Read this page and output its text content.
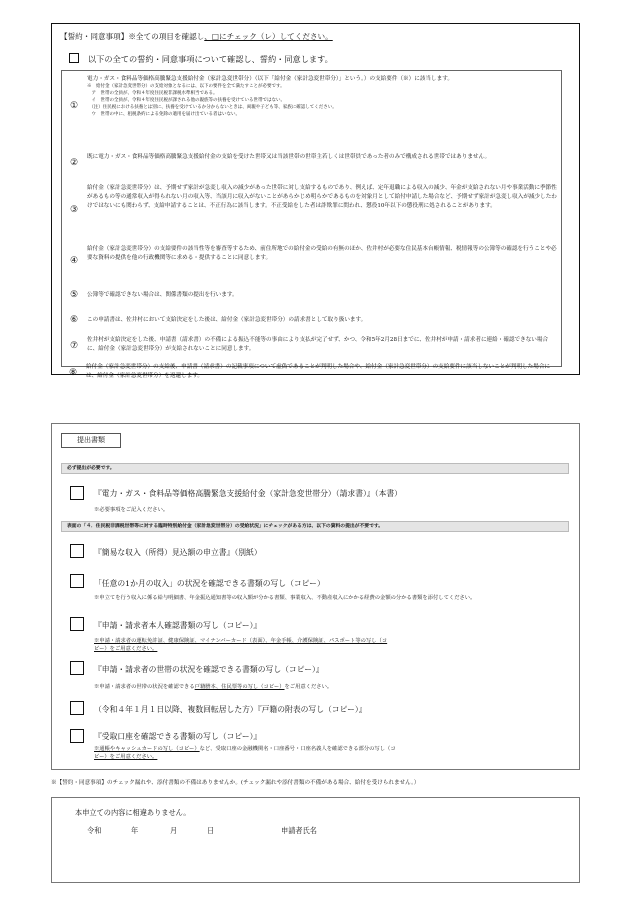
【誓約・同意事項】※全ての項目を確認し、□にチェック（レ）してください。
以下の全ての誓約・同意事項について確認し、誓約・同意します。
①
電力・ガス・食料品等価格高騰緊急支援給付金（家計急変世帯分）（以下「給付金（家計急変世帯分）」という。）の支給要件（※）に該当します。
※　給付金（家計急変世帯分）の支給対象となるには、以下の要件を全て満たすことが必要です。
　ア　世帯の全員が、令和４年度住民税非課税水準相当である。
　イ　世帯の全員が、令和４年度住民税が課される他の親族等の扶養を受けている世帯ではない。
　（注）住民税における扶養とは別に、扶養を受けているか分からないときは、両親や子ども等、家族に確認してください。
　ウ　世帯の中に、租税条約による免除の適用を届け出ている者はいない。
②
既に電力・ガス・食料品等価格高騰緊急支援給付金の支給を受けた世帯又は当該世帯の世帯主若しくは世帯員であった者のみで構成される世帯ではありません。
③
給付金（家計急変世帯分）は、予期せず家計が急変し収入の減少があった世帯に対し支給するものであり、例えば、定年退職による収入の減少、年金が支給されない月や事業活動に季節性があるもの等の通常収入が得られない月の収入等、当該月に収入がないことがあらかじめ明らかであるものを対象月として給付申請した場合など、予期せず家計が急変し収入が減少したわけではないにも関わらず、支給申請することは、不正行為に該当します。不正受給をした者は詐欺罪に問われ、懲役10年以下の懲役刑に処されることがあります。
④
給付金（家計急変世帯分）の支給要件の該当性等を審査等するため、前住所地での給付金の受給の有無のほか、佐井村が必要な住民基本台帳情報、税情報等の公簿等の確認を行うことや必要な資料の提供を他の行政機関等に求める・提供することに同意します。
⑤	公簿等で確認できない場合は、関係書類の提出を行います。
⑥	この申請書は、佐井村において支給決定をした後は、給付金（家計急変世帯分）の請求書として取り扱います。
⑦
佐井村が支給決定をした後、申請書（請求書）の不備による振込不能等の事由により支払が完了せず、かつ、令和5年2月28日までに、佐井村が申請・請求者に連絡・確認できない場合に、給付金（家計急変世帯分）が支給されないことに同意します。
⑧
給付金（家計急変世帯分）の支給後、申請書（請求書）の記載事項について虚偽であることが判明した場合や、給付金（家計急変世帯分）の支給要件に該当しないことが判明した場合には、給付金（家計急変世帯分）を返還します。
提出書類
必ず提出が必要です。
『電力・ガス・食料品等価格高騰緊急支援給付金（家計急変世帯分）（請求書）』（本書）
※必要事項をご記入ください。
表面の「４．住民税非課税世帯等に対する臨時特別給付金（家計急変世帯分）の受給状況」にチェックがある方は、以下の資料の提出が不要です。
『簡易な収入（所得）見込額の申立書』（別紙）
「任意の1か月の収入」の状況を確認できる書類の写し（コピー）
※申立てを行う収入に係る給与明細書、年金振込通知書等の収入額が分かる書類、事業収入、不動産収入にかかる経費の金額の分かる書類を添付してください。
『申請・請求者本人確認書類の写し（コピー）』
※申請・請求者の運転免許証、健康保険証、マイナンバーカード（表面）、年金手帳、介護保険証、パスポート等の写し（コ
ピー）をご用意ください。
『申請・請求者の世帯の状況を確認できる書類の写し（コピー）』
※申請・請求者の世帯の状況を確認できる戸籍謄本、住民票等の写し（コピー）をご用意ください。
（令和４年１月１日以降、複数回転居した方）『戸籍の附表の写し（コピー）』
『受取口座を確認できる書類の写し（コピー）』
※通帳やキャッシュカードの写し（コピー）など、受取口座の金融機関名・口座番号・口座名義人を確認できる部分の写し（コ
ピー）をご用意ください。
※【誓約・同意事項】のチェック漏れや、添付書類の不備はありませんか。(チェック漏れや添付書類の不備がある場合、給付を受けられません。）
本申立ての内容に相違ありません。
令和	年	月	日	申請者氏名
